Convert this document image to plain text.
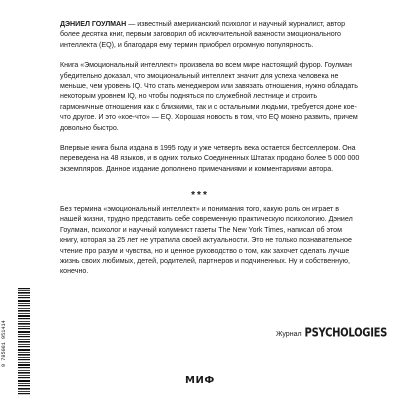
ДЭНИЕЛ ГОУЛМАН — известный американский психолог и научный журналист, автор более десятка книг, первым заговорил об исключительной важности эмоционального интеллекта (EQ), и благодаря ему термин приобрел огромную популярность.

Книга «Эмоциональный интеллект» произвела во всем мире настоящий фурор. Гоулман убедительно доказал, что эмоциональный интеллект значит для успеха человека не меньше, чем уровень IQ. Что стать менеджером или завязать отношения, нужно обладать некоторым уровнем IQ, но чтобы подняться по служебной лестнице и строить гармоничные отношения как с близкими, так и с остальными людьми, требуется доне кое-что другое. И это «кое-что» — EQ. Хорошая новость в том, что EQ можно развить, причем довольно быстро.

Впервые книга была издана в 1995 году и уже четверть века остается бестселлером. Она переведена на 48 языков, и в одних только Соединенных Штатах продано более 5 000 000 экземпляров. Данное издание дополнено примечаниями и комментариями автора.

***

Без термина «эмоциональный интеллект» и понимания того, какую роль он играет в нашей жизни, трудно представить себе современную практическую психологию. Дэниел Гоулман, психолог и научный колумнист газеты The New York Times, написал об этом книгу, которая за 25 лет не утратила своей актуальности. Это не только познавательное чтение про разум и чувства, но и ценное руководство о том, как захочет сделать лучше жизнь своих любимых, детей, родителей, партнеров и подчиненных. Ну и собственную, конечно.

Журнал PSYCHOLOGIES
9 785001 951414
МИФ
